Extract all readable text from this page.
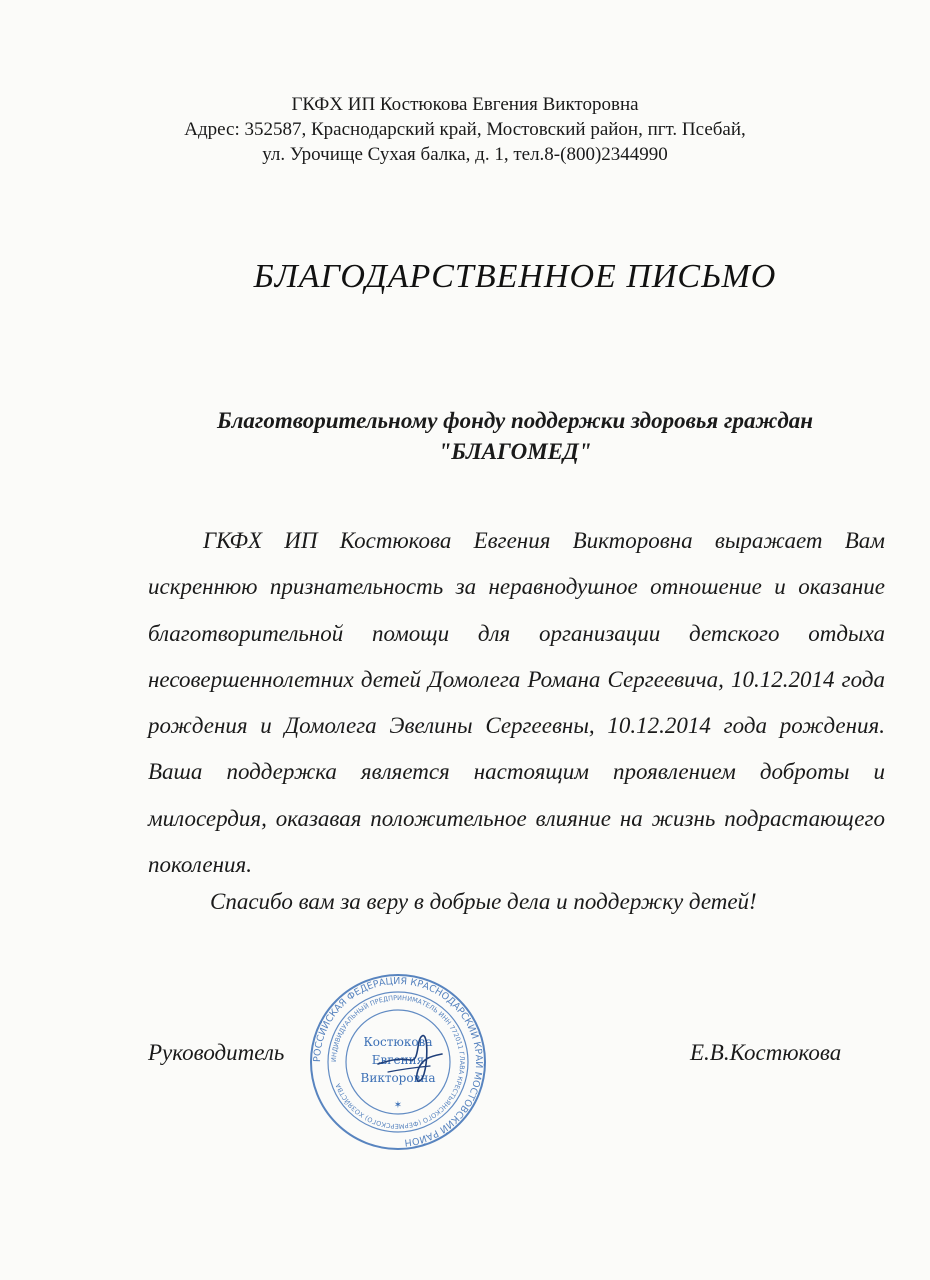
ГКФХ ИП Костюкова Евгения Викторовна
Адрес: 352587, Краснодарский край, Мостовский район, пгт. Псебай,
ул. Урочище Сухая балка, д. 1, тел.8-(800)2344990
БЛАГОДАРСТВЕННОЕ ПИСЬМО
Благотворительному фонду поддержки здоровья граждан
"БЛАГОМЕД"

ГКФХ ИП Костюкова Евгения Викторовна выражает Вам искреннюю признательность за неравнодушное отношение и оказание благотворительной помощи для организации детского отдыха несовершеннолетних детей Домолега Романа Сергеевича, 10.12.2014 года рождения и Домолега Эвелины Сергеевны, 10.12.2014 года рождения. Ваша поддержка является настоящим проявлением доброты и милосердия, оказавая положительное влияние на жизнь подрастающего поколения.

Спасибо вам за веру в добрые дела и поддержку детей!
Руководитель	РОССИЙСКАЯ ФЕДЕРАЦИЯ КРАСНОДАРСКИЙ КРАЙ МОСТОВСКИЙ РАЙОН
ИНДИВИДУАЛЬНЫЙ ПРЕДПРИНИМАТЕЛЬ ИНН 772011 ГЛАВА КРЕСТЬЯНСКОГО (ФЕРМЕРСКОГО) ХОЗЯЙСТВА
Костюкова
Евгения
Викторовна
✶
Е.В.Костюкова
